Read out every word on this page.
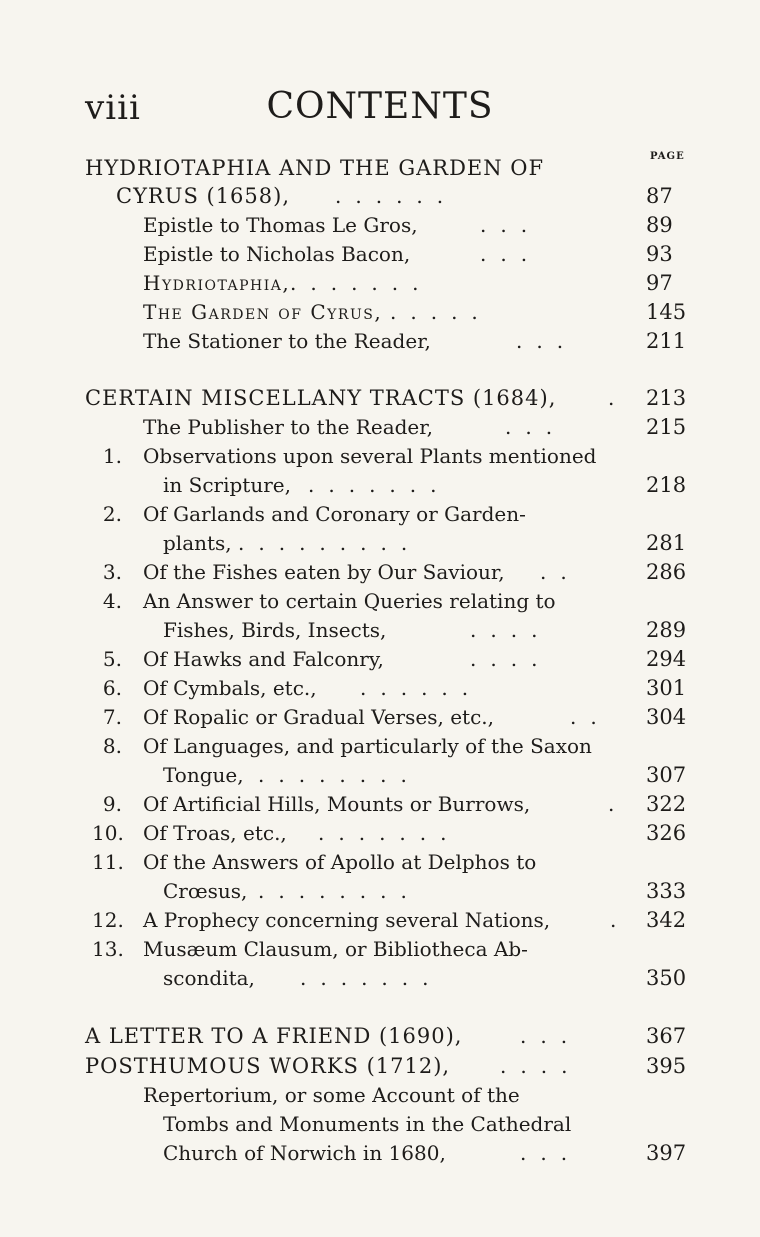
viii	CONTENTS
PAGE
HYDRIOTAPHIA AND THE GARDEN OF
CYRUS (1658), ......	87
Epistle to Thomas Le Gros,	...	89
Epistle to Nicholas Bacon,	...	93
Hydriotaphia, .......	97
The Garden of Cyrus, .....	145
The Stationer to the Reader,	...	211
CERTAIN MISCELLANY TRACTS (1684),	. 213
The Publisher to the Reader,	...	215
1. Observations upon several Plants mentioned
in Scripture, .......	218
2. Of Garlands and Coronary or Garden-
plants, .........	281
3. Of the Fishes eaten by Our Saviour, ..	286
4. An Answer to certain Queries relating to
Fishes, Birds, Insects,	....	289
5. Of Hawks and Falconry,	....	294
6. Of Cymbals, etc., ......	301
7. Of Ropalic or Gradual Verses, etc.,	.. 304
8. Of Languages, and particularly of the Saxon
Tongue, ........	307
9. Of Artificial Hills, Mounts or Burrows,	. 322
10. Of Troas, etc., .......	326
11. Of the Answers of Apollo at Delphos to
Crœsus, ........	333
12. A Prophecy concerning several Nations,	. 342
13. Musæum Clausum, or Bibliotheca Ab-
scondita, .......	350
A LETTER TO A FRIEND (1690),	...	367
POSTHUMOUS WORKS (1712), ....	395
Repertorium, or some Account of the
Tombs and Monuments in the Cathedral
Church of Norwich in 1680,	...	397
